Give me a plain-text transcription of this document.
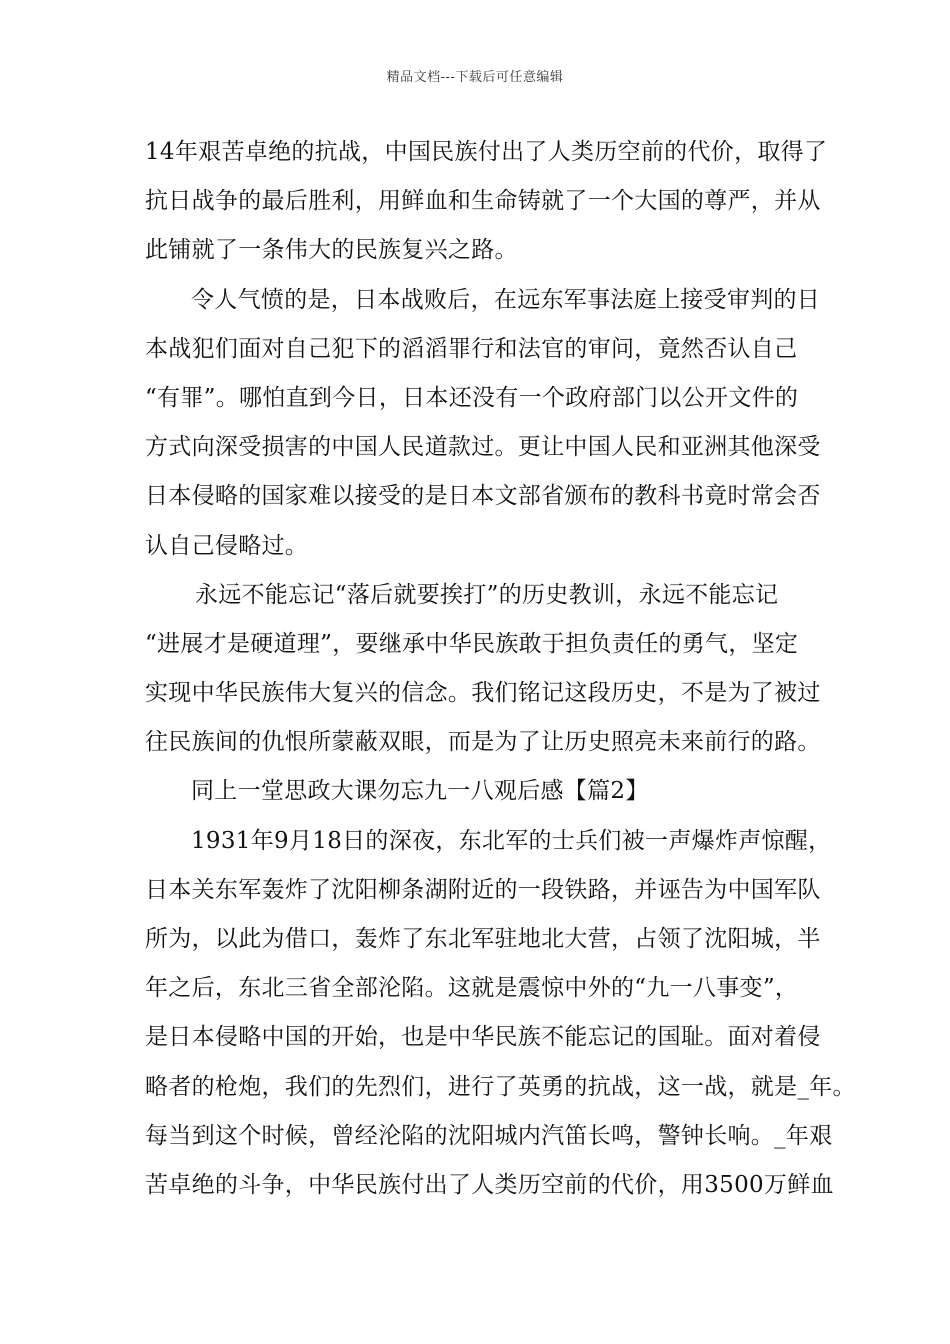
精品文档---下载后可任意编辑
14年艰苦卓绝的抗战，中国民族付出了人类历空前的代价，取得了
抗日战争的最后胜利，用鲜血和生命铸就了一个大国的尊严，并从
此铺就了一条伟大的民族复兴之路。
令人气愤的是，日本战败后，在远东军事法庭上接受审判的日
本战犯们面对自己犯下的滔滔罪行和法官的审问，竟然否认自己
“有罪”。哪怕直到今日，日本还没有一个政府部门以公开文件的
方式向深受损害的中国人民道款过。更让中国人民和亚洲其他深受
日本侵略的国家难以接受的是日本文部省颁布的教科书竟时常会否
认自己侵略过。
永远不能忘记“落后就要挨打”的历史教训，永远不能忘记
“进展才是硬道理”，要继承中华民族敢于担负责任的勇气，坚定
实现中华民族伟大复兴的信念。我们铭记这段历史，不是为了被过
往民族间的仇恨所蒙蔽双眼，而是为了让历史照亮未来前行的路。
同上一堂思政大课勿忘九一八观后感【篇2】
1931年9月18日的深夜，东北军的士兵们被一声爆炸声惊醒，
日本关东军轰炸了沈阳柳条湖附近的一段铁路，并诬告为中国军队
所为，以此为借口，轰炸了东北军驻地北大营，占领了沈阳城，半
年之后，东北三省全部沦陷。这就是震惊中外的“九一八事变”，
是日本侵略中国的开始，也是中华民族不能忘记的国耻。面对着侵
略者的枪炮，我们的先烈们，进行了英勇的抗战，这一战，就是_年。
每当到这个时候，曾经沦陷的沈阳城内汽笛长鸣，警钟长响。_年艰
苦卓绝的斗争，中华民族付出了人类历空前的代价，用3500万鲜血
